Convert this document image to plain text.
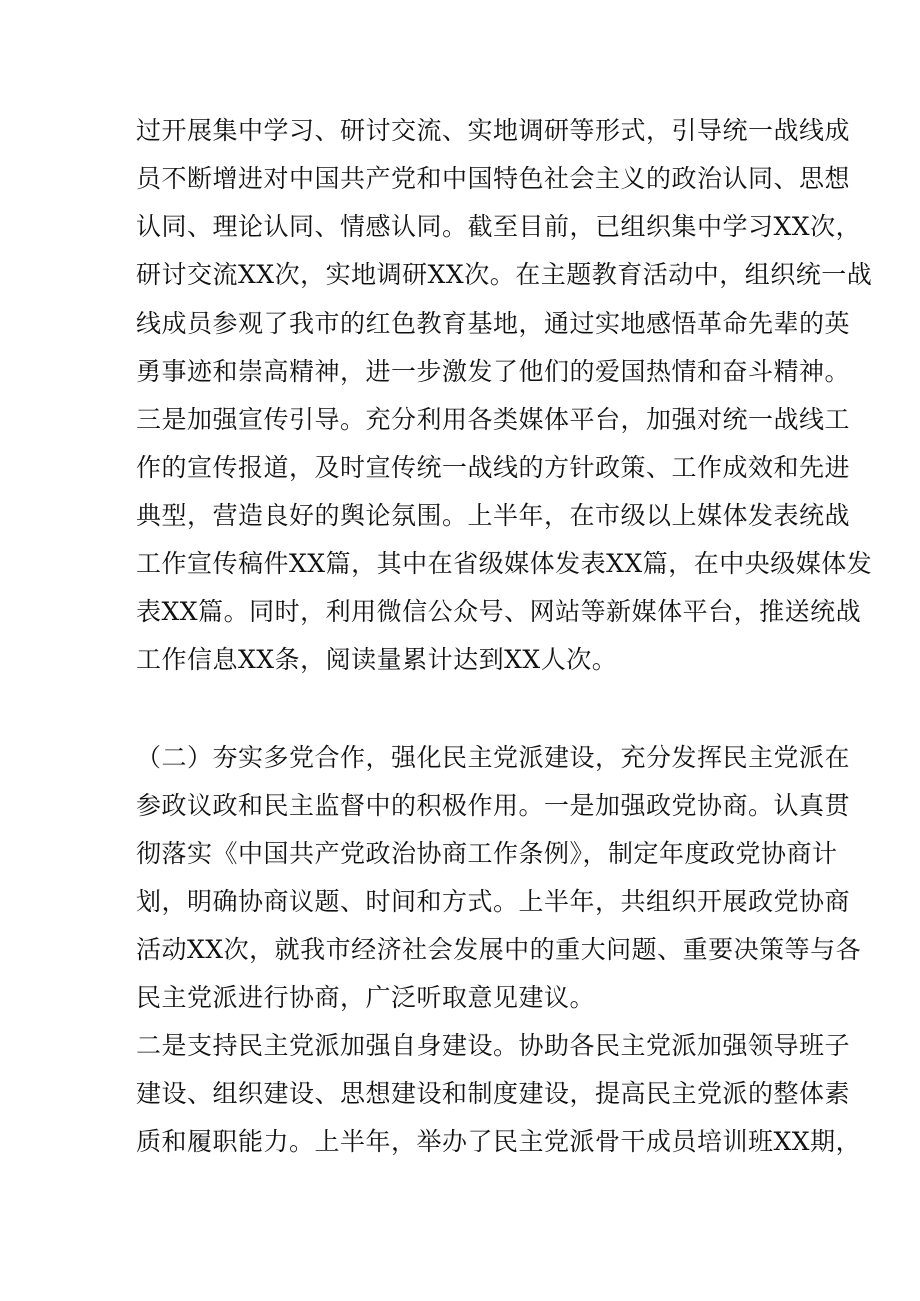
过开展集中学习、研讨交流、实地调研等形式，引导统一战线成
员不断增进对中国共产党和中国特色社会主义的政治认同、思想
认同、理论认同、情感认同。截至目前，已组织集中学习XX次，
研讨交流XX次，实地调研XX次。在主题教育活动中，组织统一战
线成员参观了我市的红色教育基地，通过实地感悟革命先辈的英
勇事迹和崇高精神，进一步激发了他们的爱国热情和奋斗精神。
三是加强宣传引导。充分利用各类媒体平台，加强对统一战线工
作的宣传报道，及时宣传统一战线的方针政策、工作成效和先进
典型，营造良好的舆论氛围。上半年，在市级以上媒体发表统战
工作宣传稿件XX篇，其中在省级媒体发表XX篇，在中央级媒体发
表XX篇。同时，利用微信公众号、网站等新媒体平台，推送统战
工作信息XX条，阅读量累计达到XX人次。
（二）夯实多党合作，强化民主党派建设，充分发挥民主党派在
参政议政和民主监督中的积极作用。一是加强政党协商。认真贯
彻落实《中国共产党政治协商工作条例》，制定年度政党协商计
划，明确协商议题、时间和方式。上半年，共组织开展政党协商
活动XX次，就我市经济社会发展中的重大问题、重要决策等与各
民主党派进行协商，广泛听取意见建议。
二是支持民主党派加强自身建设。协助各民主党派加强领导班子
建设、组织建设、思想建设和制度建设，提高民主党派的整体素
质和履职能力。上半年，举办了民主党派骨干成员培训班XX期，
